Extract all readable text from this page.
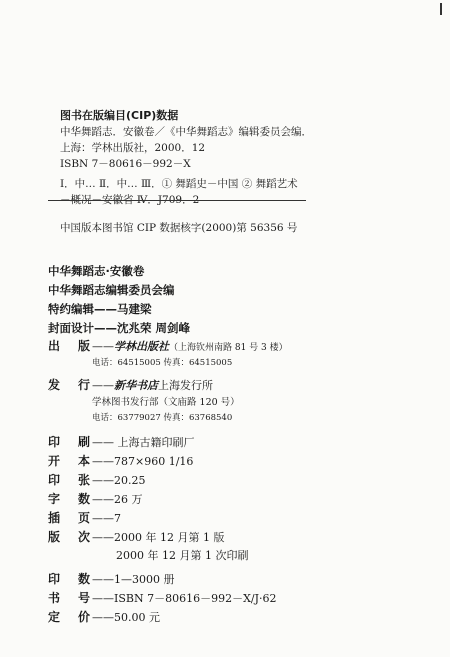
图书在版编目(CIP)数据
中华舞蹈志．安徽卷／《中华舞蹈志》编辑委员会编．
上海：学林出版社，2000．12
ISBN 7－80616－992－X
Ⅰ．中… Ⅱ．中… Ⅲ．① 舞蹈史－中国 ② 舞蹈艺术
－概况－安徽省 Ⅳ．J709．2
中国版本图书馆 CIP 数据核字(2000)第 56356 号
中华舞蹈志·安徽卷
中华舞蹈志编辑委员会编
特约编辑——马建梁
封面设计——沈兆荣 周剑峰
出 版 ——学林出版社（上海钦州南路 81 号 3 楼）
电话：64515005 传真：64515005
发 行 ——新华书店上海发行所
学林图书发行部（文庙路 120 号）
电话：63779027 传真：63768540
印 刷 —— 上海古籍印刷厂
开 本 ——787×960 1/16
印 张 ——20.25
字 数 ——26 万
插 页 ——7
版 次 ——2000 年 12 月第 1 版
2000 年 12 月第 1 次印刷
印 数 ——1—3000 册
书 号 ——ISBN 7－80616－992－X/J·62
定 价 ——50.00 元
